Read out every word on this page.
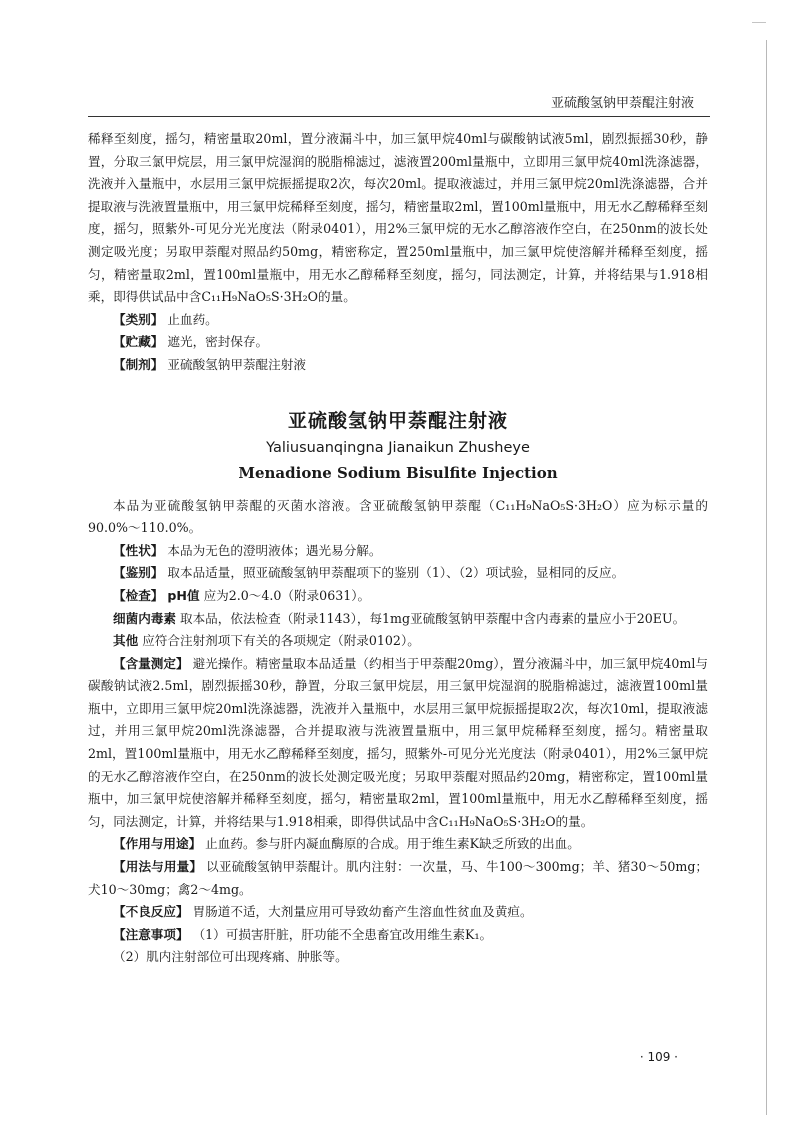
亚硫酸氢钠甲萘醌注射液

稀释至刻度，摇匀，精密量取20ml，置分液漏斗中，加三氯甲烷40ml与碳酸钠试液5ml，剧烈振摇30秒，静置，分取三氯甲烷层，用三氯甲烷湿润的脱脂棉滤过，滤液置200ml量瓶中，立即用三氯甲烷40ml洗涤滤器，洗液并入量瓶中，水层用三氯甲烷振摇提取2次，每次20ml。提取液滤过，并用三氯甲烷20ml洗涤滤器，合并提取液与洗液置量瓶中，用三氯甲烷稀释至刻度，摇匀，精密量取2ml，置100ml量瓶中，用无水乙醇稀释至刻度，摇匀，照紫外-可见分光光度法（附录0401），用2%三氯甲烷的无水乙醇溶液作空白，在250nm的波长处测定吸光度；另取甲萘醌对照品约50mg，精密称定，置250ml量瓶中，加三氯甲烷使溶解并稀释至刻度，摇匀，精密量取2ml，置100ml量瓶中，用无水乙醇稀释至刻度，摇匀，同法测定，计算，并将结果与1.918相乘，即得供试品中含C₁₁H₉NaO₅S·3H₂O的量。

【类别】 止血药。

【贮藏】 遮光，密封保存。

【制剂】 亚硫酸氢钠甲萘醌注射液

亚硫酸氢钠甲萘醌注射液
Yaliusuanqingna Jianaikun Zhusheye
Menadione Sodium Bisulfite Injection

本品为亚硫酸氢钠甲萘醌的灭菌水溶液。含亚硫酸氢钠甲萘醌（C₁₁H₉NaO₅S·3H₂O）应为标示量的90.0%～110.0%。

【性状】 本品为无色的澄明液体；遇光易分解。

【鉴别】 取本品适量，照亚硫酸氢钠甲萘醌项下的鉴别（1）、（2）项试验，显相同的反应。

【检查】 pH值 应为2.0～4.0（附录0631）。

细菌内毒素 取本品，依法检查（附录1143），每1mg亚硫酸氢钠甲萘醌中含内毒素的量应小于20EU。

其他 应符合注射剂项下有关的各项规定（附录0102）。

【含量测定】 避光操作。精密量取本品适量（约相当于甲萘醌20mg），置分液漏斗中，加三氯甲烷40ml与碳酸钠试液2.5ml，剧烈振摇30秒，静置，分取三氯甲烷层，用三氯甲烷湿润的脱脂棉滤过，滤液置100ml量瓶中，立即用三氯甲烷20ml洗涤滤器，洗液并入量瓶中，水层用三氯甲烷振摇提取2次，每次10ml，提取液滤过，并用三氯甲烷20ml洗涤滤器，合并提取液与洗液置量瓶中，用三氯甲烷稀释至刻度，摇匀。精密量取2ml，置100ml量瓶中，用无水乙醇稀释至刻度，摇匀，照紫外-可见分光光度法（附录0401），用2%三氯甲烷的无水乙醇溶液作空白，在250nm的波长处测定吸光度；另取甲萘醌对照品约20mg，精密称定，置100ml量瓶中，加三氯甲烷使溶解并稀释至刻度，摇匀，精密量取2ml，置100ml量瓶中，用无水乙醇稀释至刻度，摇匀，同法测定，计算，并将结果与1.918相乘，即得供试品中含C₁₁H₉NaO₅S·3H₂O的量。

【作用与用途】 止血药。参与肝内凝血酶原的合成。用于维生素K缺乏所致的出血。

【用法与用量】 以亚硫酸氢钠甲萘醌计。肌内注射：一次量，马、牛100～300mg；羊、猪30～50mg；犬10～30mg；禽2～4mg。

【不良反应】 胃肠道不适，大剂量应用可导致幼畜产生溶血性贫血及黄疸。

【注意事项】 （1）可损害肝脏，肝功能不全患畜宜改用维生素K₁。

（2）肌内注射部位可出现疼痛、肿胀等。

· 109 ·
